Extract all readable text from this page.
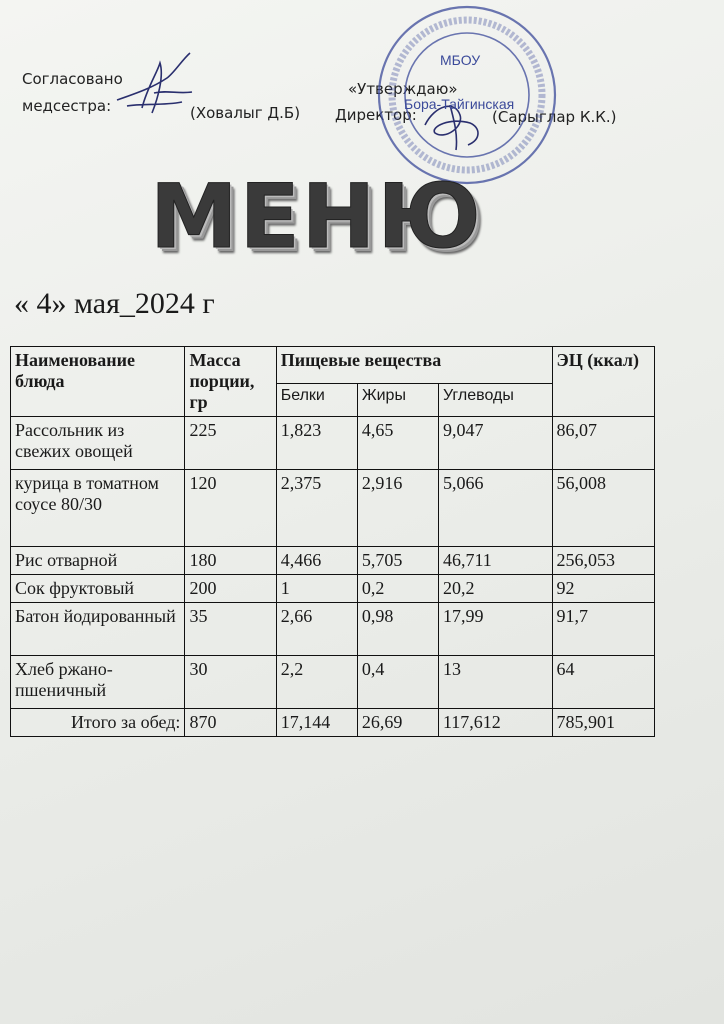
Согласовано
медсестра:	(Ховалыг Д.Б)
«Утверждаю»
Директор:	(Сарыглар К.К.)
МБОУ
Бора-Тайгинская
МЕНЮ
« 4» мая_2024 г
Наименование блюда	Масса порции, гр	Пищевые вещества			ЭЦ (ккал)
		Белки	Жиры	Углеводы	
Рассольник из свежих овощей	225	1,823	4,65	9,047	86,07
курица в томатном соусе 80/30	120	2,375	2,916	5,066	56,008
Рис отварной	180	4,466	5,705	46,711	256,053
Сок фруктовый	200	1	0,2	20,2	92
Батон йодированный	35	2,66	0,98	17,99	91,7
Хлеб ржано-пшеничный	30	2,2	0,4	13	64
Итого за обед:	870	17,144	26,69	117,612	785,901
